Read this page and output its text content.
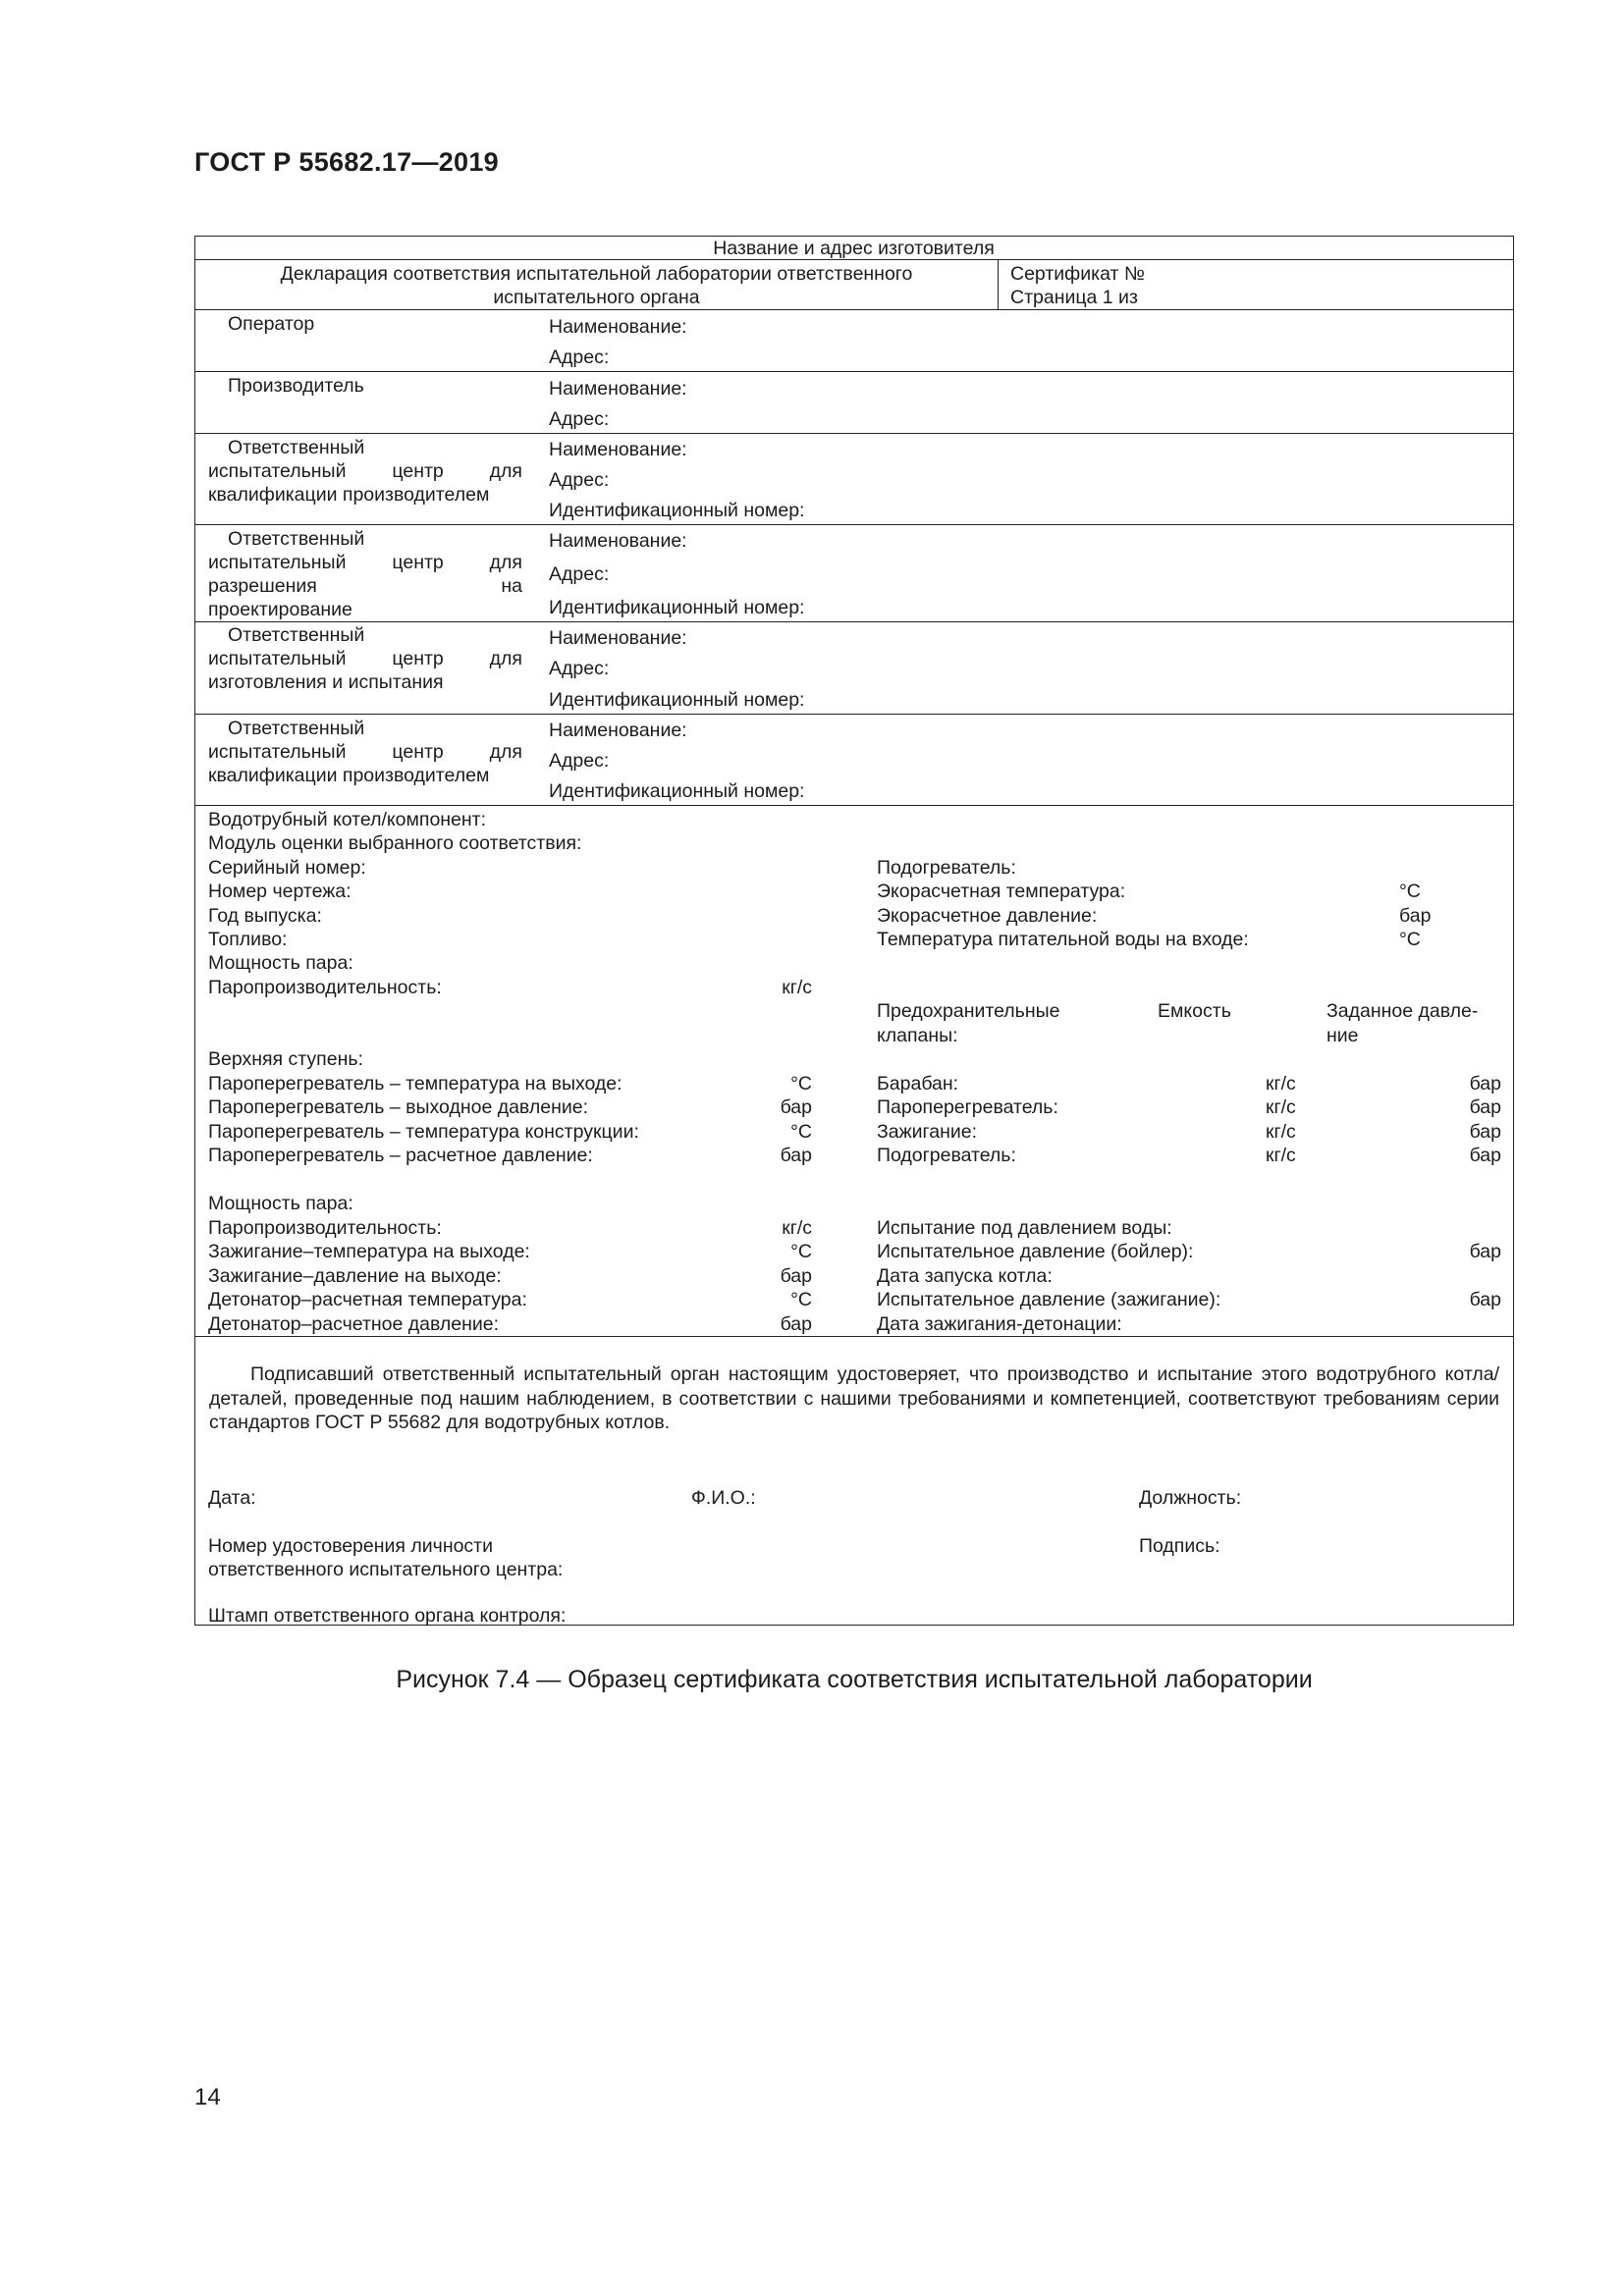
ГОСТ Р 55682.17—2019
Название и адрес изготовителя
Декларация соответствия испытательной лаборатории ответственного
испытательного органа
Сертификат №
Страница 1 из
Оператор	Наименование:
Адрес:
Производитель	Наименование:
Адрес:
Ответственный
испытательный центр для
квалификации производителем
Наименование:
Адрес:
Идентификационный номер:
Ответственный
испытательный центр для
разрешения на
проектирование
Наименование:
Адрес:
Идентификационный номер:
Ответственный
испытательный центр для
изготовления и испытания
Наименование:
Адрес:
Идентификационный номер:
Ответственный
испытательный центр для
квалификации производителем
Наименование:
Адрес:
Идентификационный номер:
Водотрубный котел/компонент:
Модуль оценки выбранного соответствия:
Серийный номер:
Номер чертежа:
Год выпуска:
Топливо:
Мощность пара:
Паропроизводительность:	кг/с
Верхняя ступень:
Пароперегреватель – температура на выходе:	°С
Пароперегреватель – выходное давление:	бар
Пароперегреватель – температура конструкции:	°С
Пароперегреватель – расчетное давление:	бар
Мощность пара:
Паропроизводительность:	кг/с
Зажигание–температура на выходе:	°С
Зажигание–давление на выходе:	бар
Детонатор–расчетная температура:	°С
Детонатор–расчетное давление:	бар
Подогреватель:
Экорасчетная температура:	°С
Экорасчетное давление:	бар
Температура питательной воды на входе:	°С
Предохранительные
клапаны:
Емкость	Заданное давле-
ние
Барабан:	кг/с	бар
Пароперегреватель:	кг/с	бар
Зажигание:	кг/с	бар
Подогреватель:	кг/с	бар
Испытание под давлением воды:
Испытательное давление (бойлер):	бар
Дата запуска котла:
Испытательное давление (зажигание):	бар
Дата зажигания-детонации:
Подписавший ответственный испытательный орган настоящим удостоверяет, что производство и испытание этого водотрубного котла/деталей, проведенные под нашим наблюдением, в соответствии с нашими требованиями и компетенцией, соответствуют требованиям серии стандартов ГОСТ Р 55682 для водотрубных котлов.
Дата:	Ф.И.О.:	Должность:
Номер удостоверения личности
ответственного испытательного центра:
Подпись:
Штамп ответственного органа контроля:
Рисунок 7.4 — Образец сертификата соответствия испытательной лаборатории
14
